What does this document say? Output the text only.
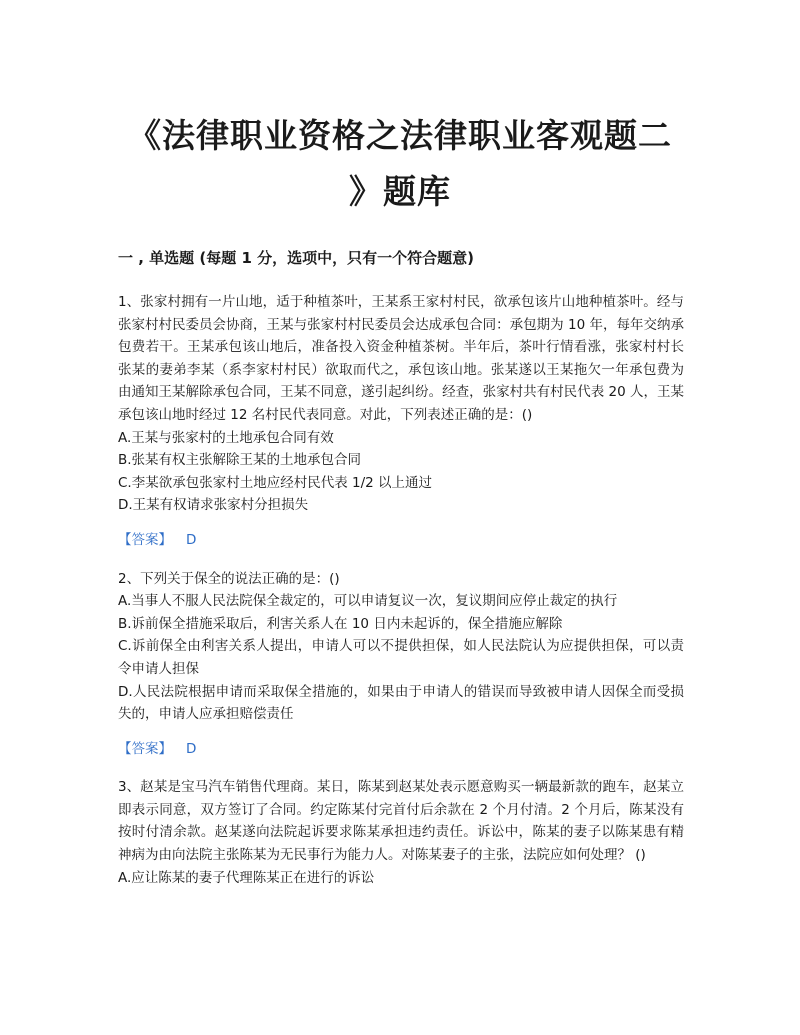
《法律职业资格之法律职业客观题二
》题库
一 , 单选题 (每题 1 分，选项中，只有一个符合题意)

1、张家村拥有一片山地，适于种植茶叶，王某系王家村村民，欲承包该片山地种植茶叶。经与张家村村民委员会协商，王某与张家村村民委员会达成承包合同：承包期为 10 年，每年交纳承包费若干。王某承包该山地后，准备投入资金种植茶树。半年后，茶叶行情看涨，张家村村长张某的妻弟李某（系李家村村民）欲取而代之，承包该山地。张某遂以王某拖欠一年承包费为由通知王某解除承包合同，王某不同意，遂引起纠纷。经查，张家村共有村民代表 20 人，王某承包该山地时经过 12 名村民代表同意。对此，下列表述正确的是：()

A.王某与张家村的土地承包合同有效

B.张某有权主张解除王某的土地承包合同

C.李某欲承包张家村土地应经村民代表 1/2 以上通过

D.王某有权请求张家村分担损失

【答案】 D

2、下列关于保全的说法正确的是：()

A.当事人不服人民法院保全裁定的，可以申请复议一次，复议期间应停止裁定的执行

B.诉前保全措施采取后，利害关系人在 10 日内未起诉的，保全措施应解除

C.诉前保全由利害关系人提出，申请人可以不提供担保，如人民法院认为应提供担保，可以责令申请人担保

D.人民法院根据申请而采取保全措施的，如果由于申请人的错误而导致被申请人因保全而受损失的，申请人应承担赔偿责任

【答案】 D

3、赵某是宝马汽车销售代理商。某日，陈某到赵某处表示愿意购买一辆最新款的跑车，赵某立即表示同意，双方签订了合同。约定陈某付完首付后余款在 2 个月付清。2 个月后，陈某没有按时付清余款。赵某遂向法院起诉要求陈某承担违约责任。诉讼中，陈某的妻子以陈某患有精神病为由向法院主张陈某为无民事行为能力人。对陈某妻子的主张，法院应如何处理？ ()

A.应让陈某的妻子代理陈某正在进行的诉讼
